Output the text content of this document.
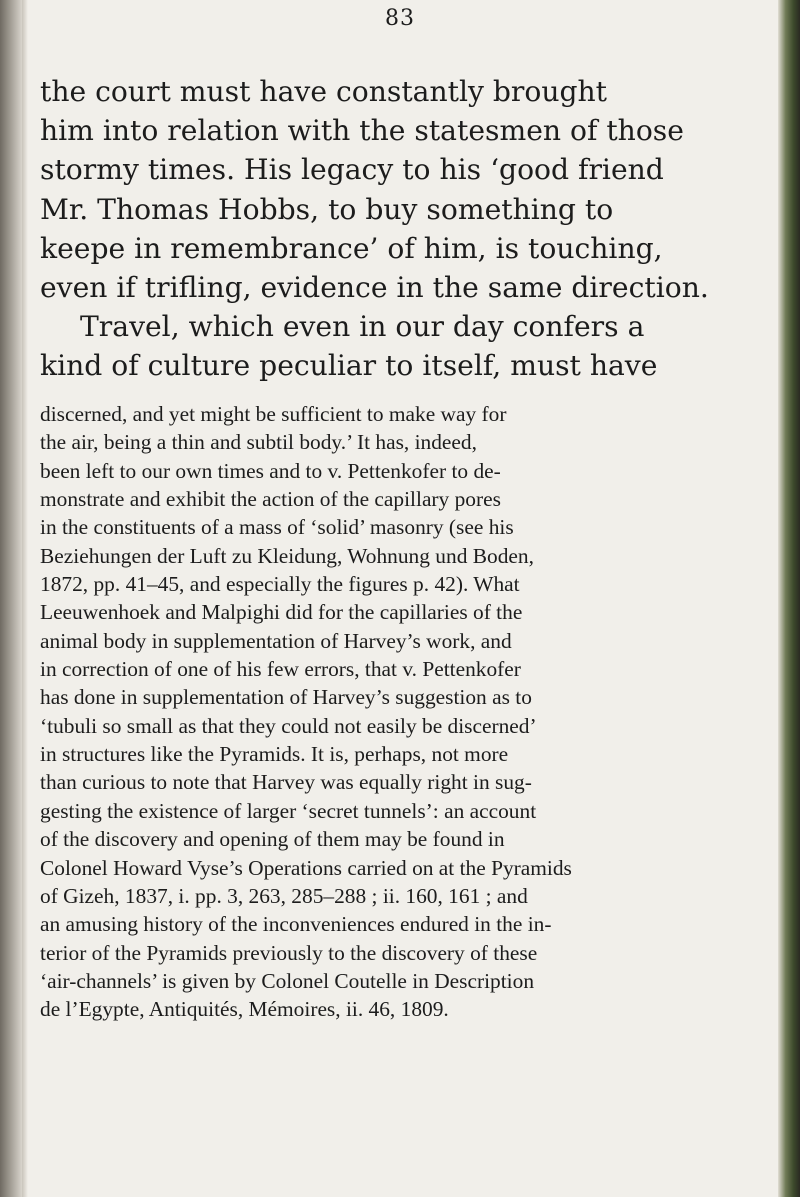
83
the court must have constantly brought
him into relation with the statesmen of those
stormy times. His legacy to his ‘good friend
Mr. Thomas Hobbs, to buy something to
keepe in remembrance’ of him, is touching,
even if trifling, evidence in the same direction.
Travel, which even in our day confers a
kind of culture peculiar to itself, must have
discerned, and yet might be sufficient to make way for
the air, being a thin and subtil body.’ It has, indeed,
been left to our own times and to v. Pettenkofer to de-
monstrate and exhibit the action of the capillary pores
in the constituents of a mass of ‘solid’ masonry (see his
Beziehungen der Luft zu Kleidung, Wohnung und Boden,
1872, pp. 41–45, and especially the figures p. 42). What
Leeuwenhoek and Malpighi did for the capillaries of the
animal body in supplementation of Harvey’s work, and
in correction of one of his few errors, that v. Pettenkofer
has done in supplementation of Harvey’s suggestion as to
‘tubuli so small as that they could not easily be discerned’
in structures like the Pyramids. It is, perhaps, not more
than curious to note that Harvey was equally right in sug-
gesting the existence of larger ‘secret tunnels’: an account
of the discovery and opening of them may be found in
Colonel Howard Vyse’s Operations carried on at the Pyramids
of Gizeh, 1837, i. pp. 3, 263, 285–288 ; ii. 160, 161 ; and
an amusing history of the inconveniences endured in the in-
terior of the Pyramids previously to the discovery of these
‘air-channels’ is given by Colonel Coutelle in Description
de l’Egypte, Antiquités, Mémoires, ii. 46, 1809.
